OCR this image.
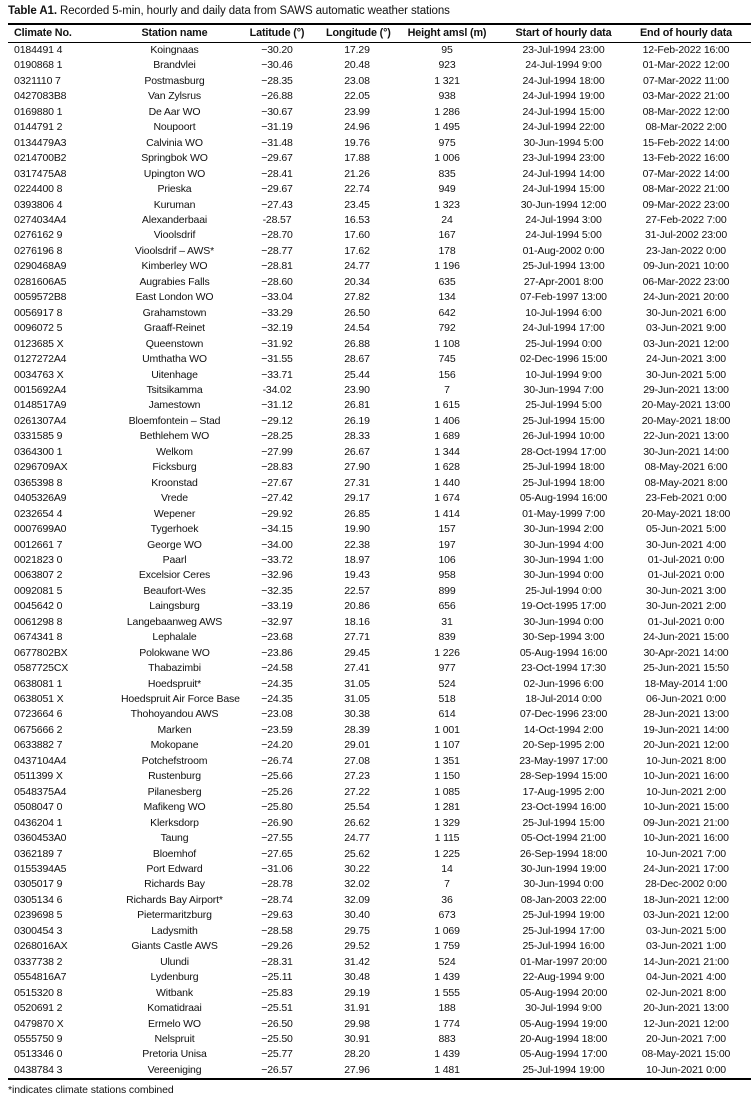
Table A1. Recorded 5-min, hourly and daily data from SAWS automatic weather stations
Climate No.	Station name	Latitude (°)	Longitude (°)	Height amsl (m)	Start of hourly data	End of hourly data
0184491 4	Koingnaas	−30.20	17.29	95	23-Jul-1994 23:00	12-Feb-2022 16:00
0190868 1	Brandvlei	−30.46	20.48	923	24-Jul-1994 9:00	01-Mar-2022 12:00
0321110 7	Postmasburg	−28.35	23.08	1 321	24-Jul-1994 18:00	07-Mar-2022 11:00
0427083B8	Van Zylsrus	−26.88	22.05	938	24-Jul-1994 19:00	03-Mar-2022 21:00
0169880 1	De Aar WO	−30.67	23.99	1 286	24-Jul-1994 15:00	08-Mar-2022 12:00
0144791 2	Noupoort	−31.19	24.96	1 495	24-Jul-1994 22:00	08-Mar-2022 2:00
0134479A3	Calvinia WO	−31.48	19.76	975	30-Jun-1994 5:00	15-Feb-2022 14:00
0214700B2	Springbok WO	−29.67	17.88	1 006	23-Jul-1994 23:00	13-Feb-2022 16:00
0317475A8	Upington WO	−28.41	21.26	835	24-Jul-1994 14:00	07-Mar-2022 14:00
0224400 8	Prieska	−29.67	22.74	949	24-Jul-1994 15:00	08-Mar-2022 21:00
0393806 4	Kuruman	−27.43	23.45	1 323	30-Jun-1994 12:00	09-Mar-2022 23:00
0274034A4	Alexanderbaai	-28.57	16.53	24	24-Jul-1994 3:00	27-Feb-2022 7:00
0276162 9	Vioolsdrif	−28.70	17.60	167	24-Jul-1994 5:00	31-Jul-2002 23:00
0276196 8	Vioolsdrif – AWS*	−28.77	17.62	178	01-Aug-2002 0:00	23-Jan-2022 0:00
0290468A9	Kimberley WO	−28.81	24.77	1 196	25-Jul-1994 13:00	09-Jun-2021 10:00
0281606A5	Augrabies Falls	−28.60	20.34	635	27-Apr-2001 8:00	06-Mar-2022 23:00
0059572B8	East London WO	−33.04	27.82	134	07-Feb-1997 13:00	24-Jun-2021 20:00
0056917 8	Grahamstown	−33.29	26.50	642	10-Jul-1994 6:00	30-Jun-2021 6:00
0096072 5	Graaff-Reinet	−32.19	24.54	792	24-Jul-1994 17:00	03-Jun-2021 9:00
0123685 X	Queenstown	−31.92	26.88	1 108	25-Jul-1994 0:00	03-Jun-2021 12:00
0127272A4	Umthatha WO	−31.55	28.67	745	02-Dec-1996 15:00	24-Jun-2021 3:00
0034763 X	Uitenhage	−33.71	25.44	156	10-Jul-1994 9:00	30-Jun-2021 5:00
0015692A4	Tsitsikamma	-34.02	23.90	7	30-Jun-1994 7:00	29-Jun-2021 13:00
0148517A9	Jamestown	−31.12	26.81	1 615	25-Jul-1994 5:00	20-May-2021 13:00
0261307A4	Bloemfontein – Stad	−29.12	26.19	1 406	25-Jul-1994 15:00	20-May-2021 18:00
0331585 9	Bethlehem WO	−28.25	28.33	1 689	26-Jul-1994 10:00	22-Jun-2021 13:00
0364300 1	Welkom	−27.99	26.67	1 344	28-Oct-1994 17:00	30-Jun-2021 14:00
0296709AX	Ficksburg	−28.83	27.90	1 628	25-Jul-1994 18:00	08-May-2021 6:00
0365398 8	Kroonstad	−27.67	27.31	1 440	25-Jul-1994 18:00	08-May-2021 8:00
0405326A9	Vrede	−27.42	29.17	1 674	05-Aug-1994 16:00	23-Feb-2021 0:00
0232654 4	Wepener	−29.92	26.85	1 414	01-May-1999 7:00	20-May-2021 18:00
0007699A0	Tygerhoek	−34.15	19.90	157	30-Jun-1994 2:00	05-Jun-2021 5:00
0012661 7	George WO	−34.00	22.38	197	30-Jun-1994 4:00	30-Jun-2021 4:00
0021823 0	Paarl	−33.72	18.97	106	30-Jun-1994 1:00	01-Jul-2021 0:00
0063807 2	Excelsior Ceres	−32.96	19.43	958	30-Jun-1994 0:00	01-Jul-2021 0:00
0092081 5	Beaufort-Wes	−32.35	22.57	899	25-Jul-1994 0:00	30-Jun-2021 3:00
0045642 0	Laingsburg	−33.19	20.86	656	19-Oct-1995 17:00	30-Jun-2021 2:00
0061298 8	Langebaanweg AWS	−32.97	18.16	31	30-Jun-1994 0:00	01-Jul-2021 0:00
0674341 8	Lephalale	−23.68	27.71	839	30-Sep-1994 3:00	24-Jun-2021 15:00
0677802BX	Polokwane WO	−23.86	29.45	1 226	05-Aug-1994 16:00	30-Apr-2021 14:00
0587725CX	Thabazimbi	−24.58	27.41	977	23-Oct-1994 17:30	25-Jun-2021 15:50
0638081 1	Hoedspruit*	−24.35	31.05	524	02-Jun-1996 6:00	18-May-2014 1:00
0638051 X	Hoedspruit Air Force Base	−24.35	31.05	518	18-Jul-2014 0:00	06-Jun-2021 0:00
0723664 6	Thohoyandou AWS	−23.08	30.38	614	07-Dec-1996 23:00	28-Jun-2021 13:00
0675666 2	Marken	−23.59	28.39	1 001	14-Oct-1994 2:00	19-Jun-2021 14:00
0633882 7	Mokopane	−24.20	29.01	1 107	20-Sep-1995 2:00	20-Jun-2021 12:00
0437104A4	Potchefstroom	−26.74	27.08	1 351	23-May-1997 17:00	10-Jun-2021 8:00
0511399 X	Rustenburg	−25.66	27.23	1 150	28-Sep-1994 15:00	10-Jun-2021 16:00
0548375A4	Pilanesberg	−25.26	27.22	1 085	17-Aug-1995 2:00	10-Jun-2021 2:00
0508047 0	Mafikeng WO	−25.80	25.54	1 281	23-Oct-1994 16:00	10-Jun-2021 15:00
0436204 1	Klerksdorp	−26.90	26.62	1 329	25-Jul-1994 15:00	09-Jun-2021 21:00
0360453A0	Taung	−27.55	24.77	1 115	05-Oct-1994 21:00	10-Jun-2021 16:00
0362189 7	Bloemhof	−27.65	25.62	1 225	26-Sep-1994 18:00	10-Jun-2021 7:00
0155394A5	Port Edward	−31.06	30.22	14	30-Jun-1994 19:00	24-Jun-2021 17:00
0305017 9	Richards Bay	−28.78	32.02	7	30-Jun-1994 0:00	28-Dec-2002 0:00
0305134 6	Richards Bay Airport*	−28.74	32.09	36	08-Jan-2003 22:00	18-Jun-2021 12:00
0239698 5	Pietermaritzburg	−29.63	30.40	673	25-Jul-1994 19:00	03-Jun-2021 12:00
0300454 3	Ladysmith	−28.58	29.75	1 069	25-Jul-1994 17:00	03-Jun-2021 5:00
0268016AX	Giants Castle AWS	−29.26	29.52	1 759	25-Jul-1994 16:00	03-Jun-2021 1:00
0337738 2	Ulundi	−28.31	31.42	524	01-Mar-1997 20:00	14-Jun-2021 21:00
0554816A7	Lydenburg	−25.11	30.48	1 439	22-Aug-1994 9:00	04-Jun-2021 4:00
0515320 8	Witbank	−25.83	29.19	1 555	05-Aug-1994 20:00	02-Jun-2021 8:00
0520691 2	Komatidraai	−25.51	31.91	188	30-Jul-1994 9:00	20-Jun-2021 13:00
0479870 X	Ermelo WO	−26.50	29.98	1 774	05-Aug-1994 19:00	12-Jun-2021 12:00
0555750 9	Nelspruit	−25.50	30.91	883	20-Aug-1994 18:00	20-Jun-2021 7:00
0513346 0	Pretoria Unisa	−25.77	28.20	1 439	05-Aug-1994 17:00	08-May-2021 15:00
0438784 3	Vereeniging	−26.57	27.96	1 481	25-Jul-1994 19:00	10-Jun-2021 0:00
*indicates climate stations combined
